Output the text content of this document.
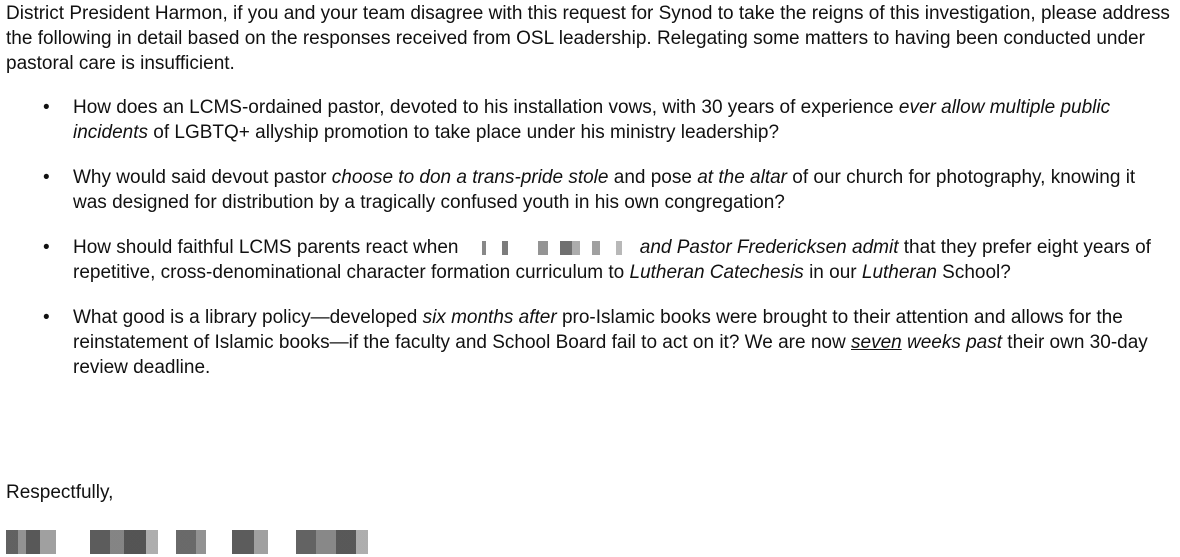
District President Harmon, if you and your team disagree with this request for Synod to take the reigns of this investigation, please address the following in detail based on the responses received from OSL leadership. Relegating some matters to having been conducted under pastoral care is insufficient.

• How does an LCMS-ordained pastor, devoted to his installation vows, with 30 years of experience ever allow multiple public incidents of LGBTQ+ allyship promotion to take place under his ministry leadership?
• Why would said devout pastor choose to don a trans-pride stole and pose at the altar of our church for photography, knowing it was designed for distribution by a tragically confused youth in his own congregation?
• How should faithful LCMS parents react when	and Pastor Fredericksen admit that they prefer eight years of repetitive, cross-denominational character formation curriculum to Lutheran Catechesis in our Lutheran School?
• What good is a library policy—developed six months after pro-Islamic books were brought to their attention and allows for the reinstatement of Islamic books—if the faculty and School Board fail to act on it? We are now seven weeks past their own 30-day review deadline.

Respectfully,
